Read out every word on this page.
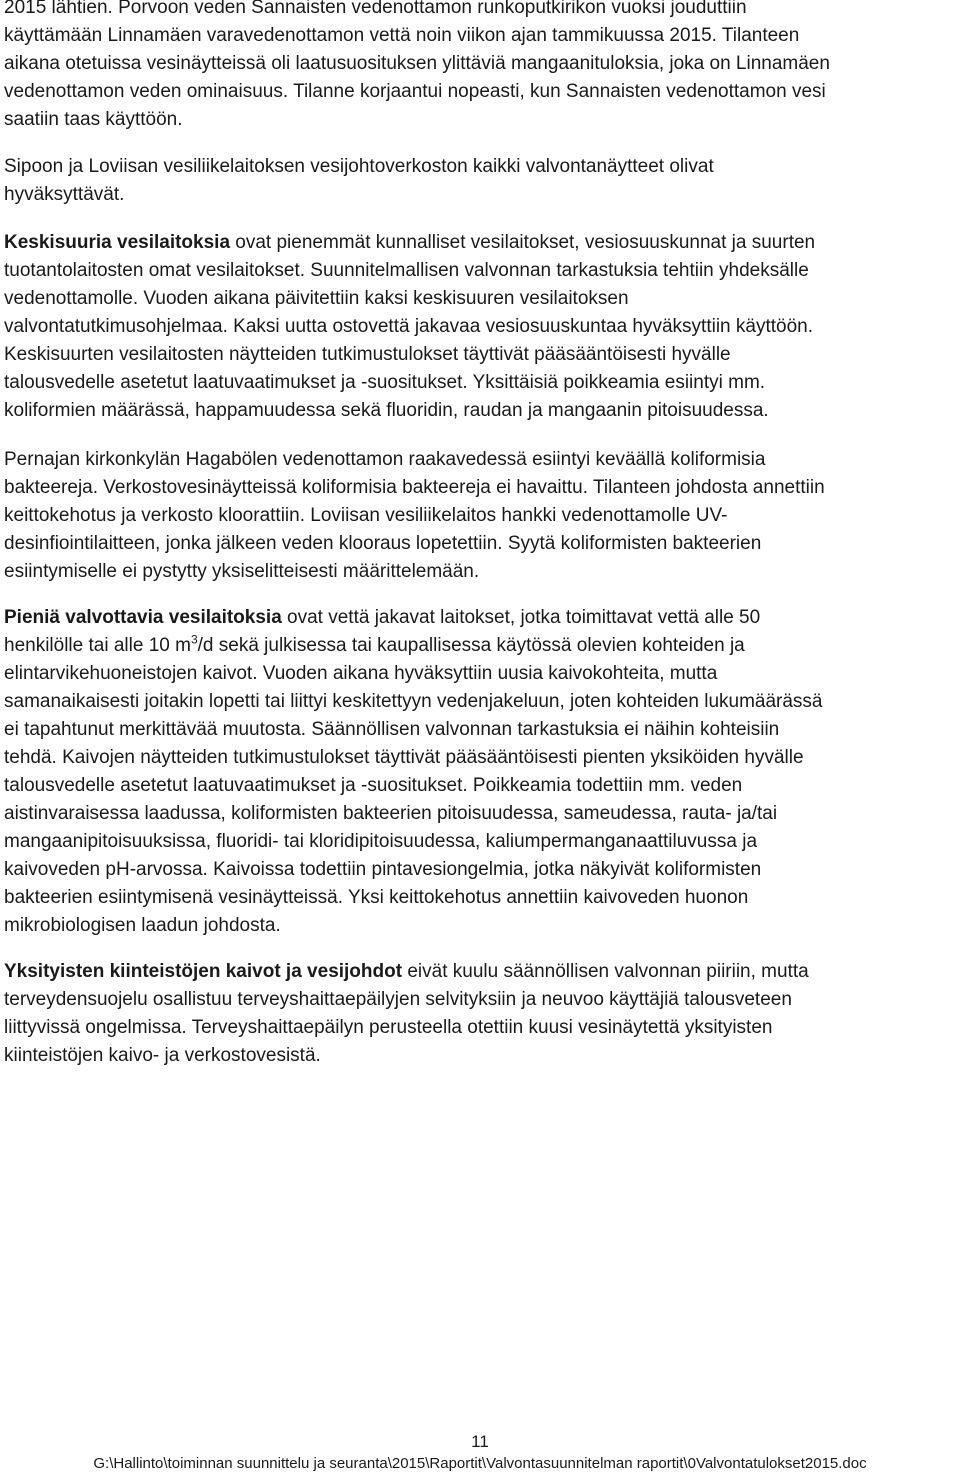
2015 lähtien. Porvoon veden Sannaisten vedenottamon runkoputkirikon vuoksi jouduttiin
käyttämään Linnamäen varavedenottamon vettä noin viikon ajan tammikuussa 2015. Tilanteen
aikana otetuissa vesinäytteissä oli laatusuosituksen ylittäviä mangaanituloksia, joka on Linnamäen
vedenottamon veden ominaisuus. Tilanne korjaantui nopeasti, kun Sannaisten vedenottamon vesi
saatiin taas käyttöön.

Sipoon ja Loviisan vesiliikelaitoksen vesijohtoverkoston kaikki valvontanäytteet olivat
hyväksyttävät.

Keskisuuria vesilaitoksia ovat pienemmät kunnalliset vesilaitokset, vesiosuuskunnat ja suurten
tuotantolaitosten omat vesilaitokset. Suunnitelmallisen valvonnan tarkastuksia tehtiin yhdeksälle
vedenottamolle. Vuoden aikana päivitettiin kaksi keskisuuren vesilaitoksen
valvontatutkimusohjelmaa. Kaksi uutta ostovettä jakavaa vesiosuuskuntaa hyväksyttiin käyttöön.
Keskisuurten vesilaitosten näytteiden tutkimustulokset täyttivät pääsääntöisesti hyvälle
talousvedelle asetetut laatuvaatimukset ja -suositukset. Yksittäisiä poikkeamia esiintyi mm.
koliformien määrässä, happamuudessa sekä fluoridin, raudan ja mangaanin pitoisuudessa.

Pernajan kirkonkylän Hagabölen vedenottamon raakavedessä esiintyi keväällä koliformisia
bakteereja. Verkostovesinäytteissä koliformisia bakteereja ei havaittu. Tilanteen johdosta annettiin
keittokehotus ja verkosto kloorattiin. Loviisan vesiliikelaitos hankki vedenottamolle UV-
desinfiointilaitteen, jonka jälkeen veden klooraus lopetettiin. Syytä koliformisten bakteerien
esiintymiselle ei pystytty yksiselitteisesti määrittelemään.

Pieniä valvottavia vesilaitoksia ovat vettä jakavat laitokset, jotka toimittavat vettä alle 50
henkilölle tai alle 10 $m^3/d$ sekä julkisessa tai kaupallisessa käytössä olevien kohteiden ja
elintarvikehuoneistojen kaivot. Vuoden aikana hyväksyttiin uusia kaivokohteita, mutta
samanaikaisesti joitakin lopetti tai liittyi keskitettyyn vedenjakeluun, joten kohteiden lukumäärässä
ei tapahtunut merkittävää muutosta. Säännöllisen valvonnan tarkastuksia ei näihin kohteisiin
tehdä. Kaivojen näytteiden tutkimustulokset täyttivät pääsääntöisesti pienten yksiköiden hyvälle
talousvedelle asetetut laatuvaatimukset ja -suositukset. Poikkeamia todettiin mm. veden
aistinvaraisessa laadussa, koliformisten bakteerien pitoisuudessa, sameudessa, rauta- ja/tai
mangaanipitoisuuksissa, fluoridi- tai kloridipitoisuudessa, kaliumpermanganaattiluvussa ja
kaivoveden pH-arvossa. Kaivoissa todettiin pintavesiongelmia, jotka näkyivät koliformisten
bakteerien esiintymisenä vesinäytteissä. Yksi keittokehotus annettiin kaivoveden huonon
mikrobiologisen laadun johdosta.

Yksityisten kiinteistöjen kaivot ja vesijohdot eivät kuulu säännöllisen valvonnan piiriin, mutta
terveydensuojelu osallistuu terveyshaittaepäilyjen selvityksiin ja neuvoo käyttäjiä talousveteen
liittyvissä ongelmissa. Terveyshaittaepäilyn perusteella otettiin kuusi vesinäytettä yksityisten
kiinteistöjen kaivo- ja verkostovesistä.

11
G:\Hallinto\toiminnan suunnittelu ja seuranta\2015\Raportit\Valvontasuunnitelman raportit\0Valvontatulokset2015.doc
